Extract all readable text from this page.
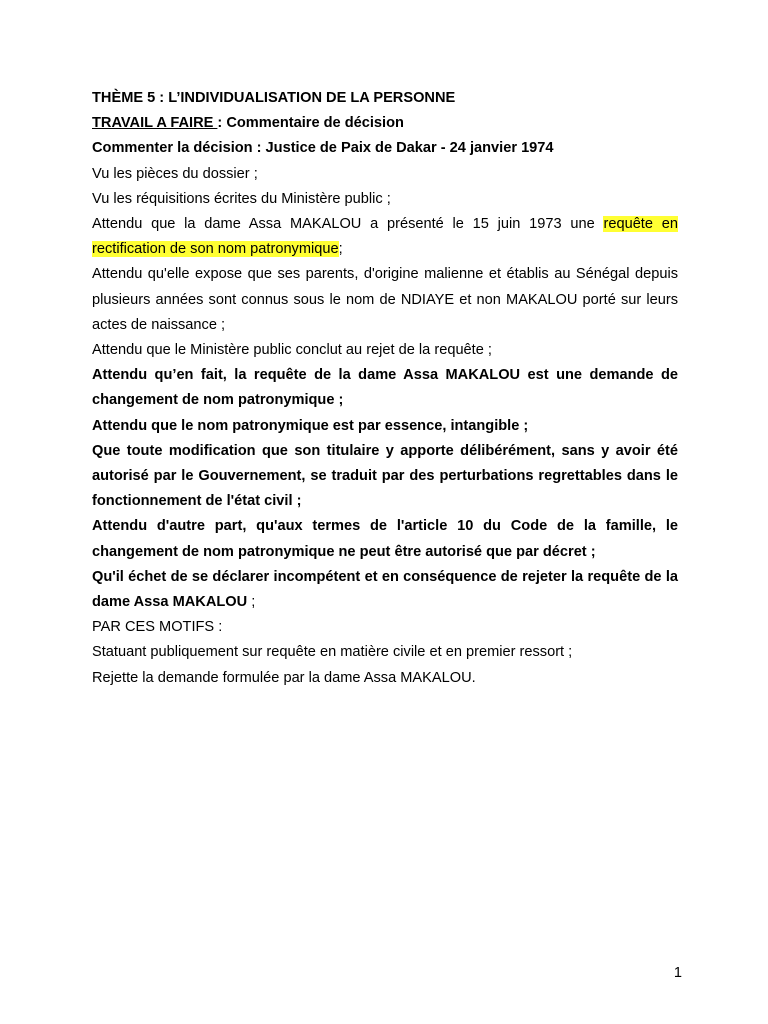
THÈME 5 : L’INDIVIDUALISATION DE LA PERSONNE

TRAVAIL A FAIRE : Commentaire de décision

Commenter la décision : Justice de Paix de Dakar - 24 janvier 1974

Vu les pièces du dossier ;

Vu les réquisitions écrites du Ministère public ;

Attendu que la dame Assa MAKALOU a présenté le 15 juin 1973 une requête en rectification de son nom patronymique;

Attendu qu'elle expose que ses parents, d'origine malienne et établis au Sénégal depuis plusieurs années sont connus sous le nom de NDIAYE et non MAKALOU porté sur leurs actes de naissance ;

Attendu que le Ministère public conclut au rejet de la requête ;

Attendu qu’en fait, la requête de la dame Assa MAKALOU est une demande de changement de nom patronymique ;

Attendu que le nom patronymique est par essence, intangible ;

Que toute modification que son titulaire y apporte délibérément, sans y avoir été autorisé par le Gouvernement, se traduit par des perturbations regrettables dans le fonctionnement de l'état civil ;

Attendu d'autre part, qu'aux termes de l'article 10 du Code de la famille, le changement de nom patronymique ne peut être autorisé que par décret ;

Qu'il échet de se déclarer incompétent et en conséquence de rejeter la requête de la dame Assa MAKALOU ;

PAR CES MOTIFS :

Statuant publiquement sur requête en matière civile et en premier ressort ;

Rejette la demande formulée par la dame Assa MAKALOU.

1
